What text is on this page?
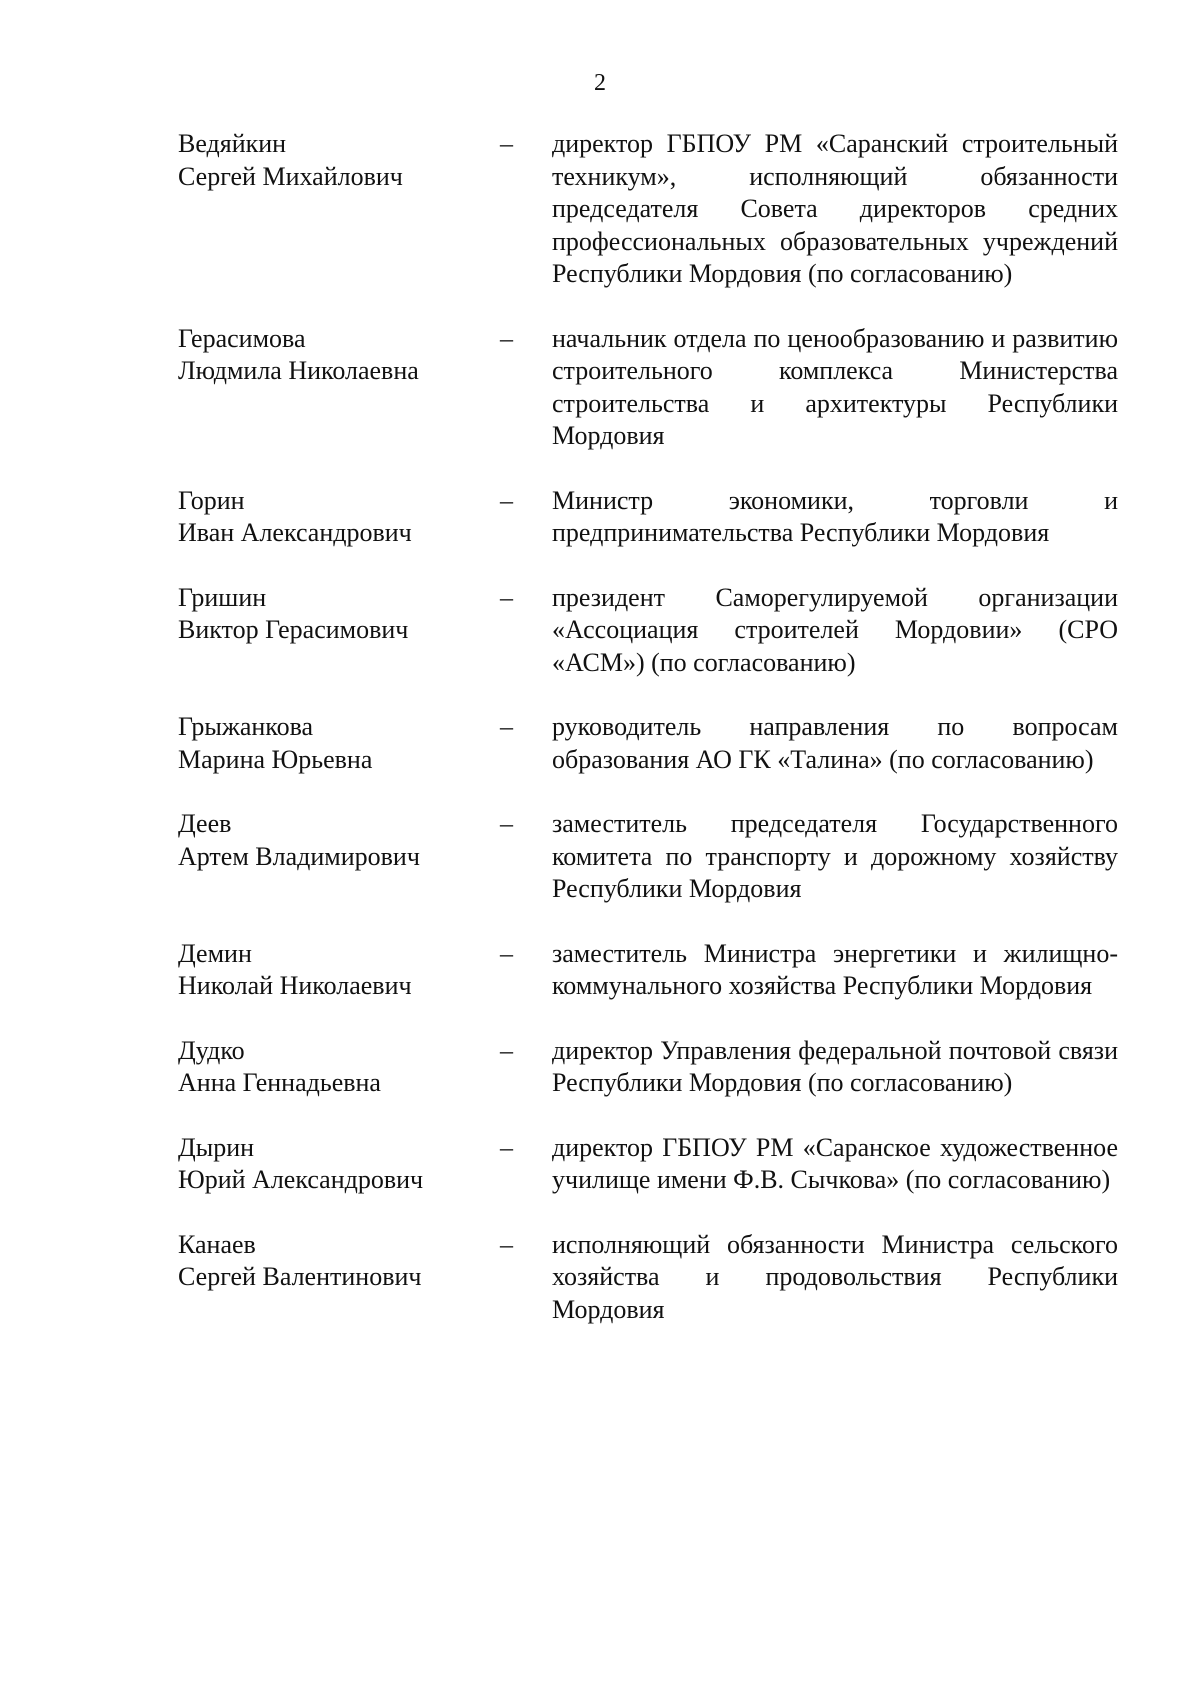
2
Ведяйкин
Сергей Михайлович
–	директор ГБПОУ РМ «Саранский строительный техникум», исполняющий обязанности председателя Совета директоров средних профессиональных образовательных учреждений Республики Мордовия (по согласованию)
Герасимова
Людмила Николаевна
–	начальник отдела по ценообразованию и развитию строительного комплекса Министерства строительства и архитектуры Республики Мордовия
Горин
Иван Александрович
–	Министр экономики, торговли и предпринимательства Республики Мордовия
Гришин
Виктор Герасимович
–	президент Саморегулируемой организации «Ассоциация строителей Мордовии» (СРО «АСМ») (по согласованию)
Грыжанкова
Марина Юрьевна
–	руководитель направления по вопросам образования АО ГК «Талина» (по согласованию)
Деев
Артем Владимирович
–	заместитель председателя Государственного комитета по транспорту и дорожному хозяйству Республики Мордовия
Демин
Николай Николаевич
–	заместитель Министра энергетики и жилищно-коммунального хозяйства Республики Мордовия
Дудко
Анна Геннадьевна
–	директор Управления федеральной почтовой связи Республики Мордовия (по согласованию)
Дырин
Юрий Александрович
–	директор ГБПОУ РМ «Саранское художественное училище имени Ф.В. Сычкова» (по согласованию)
Канаев
Сергей Валентинович
–	исполняющий обязанности Министра сельского хозяйства и продовольствия Республики Мордовия
